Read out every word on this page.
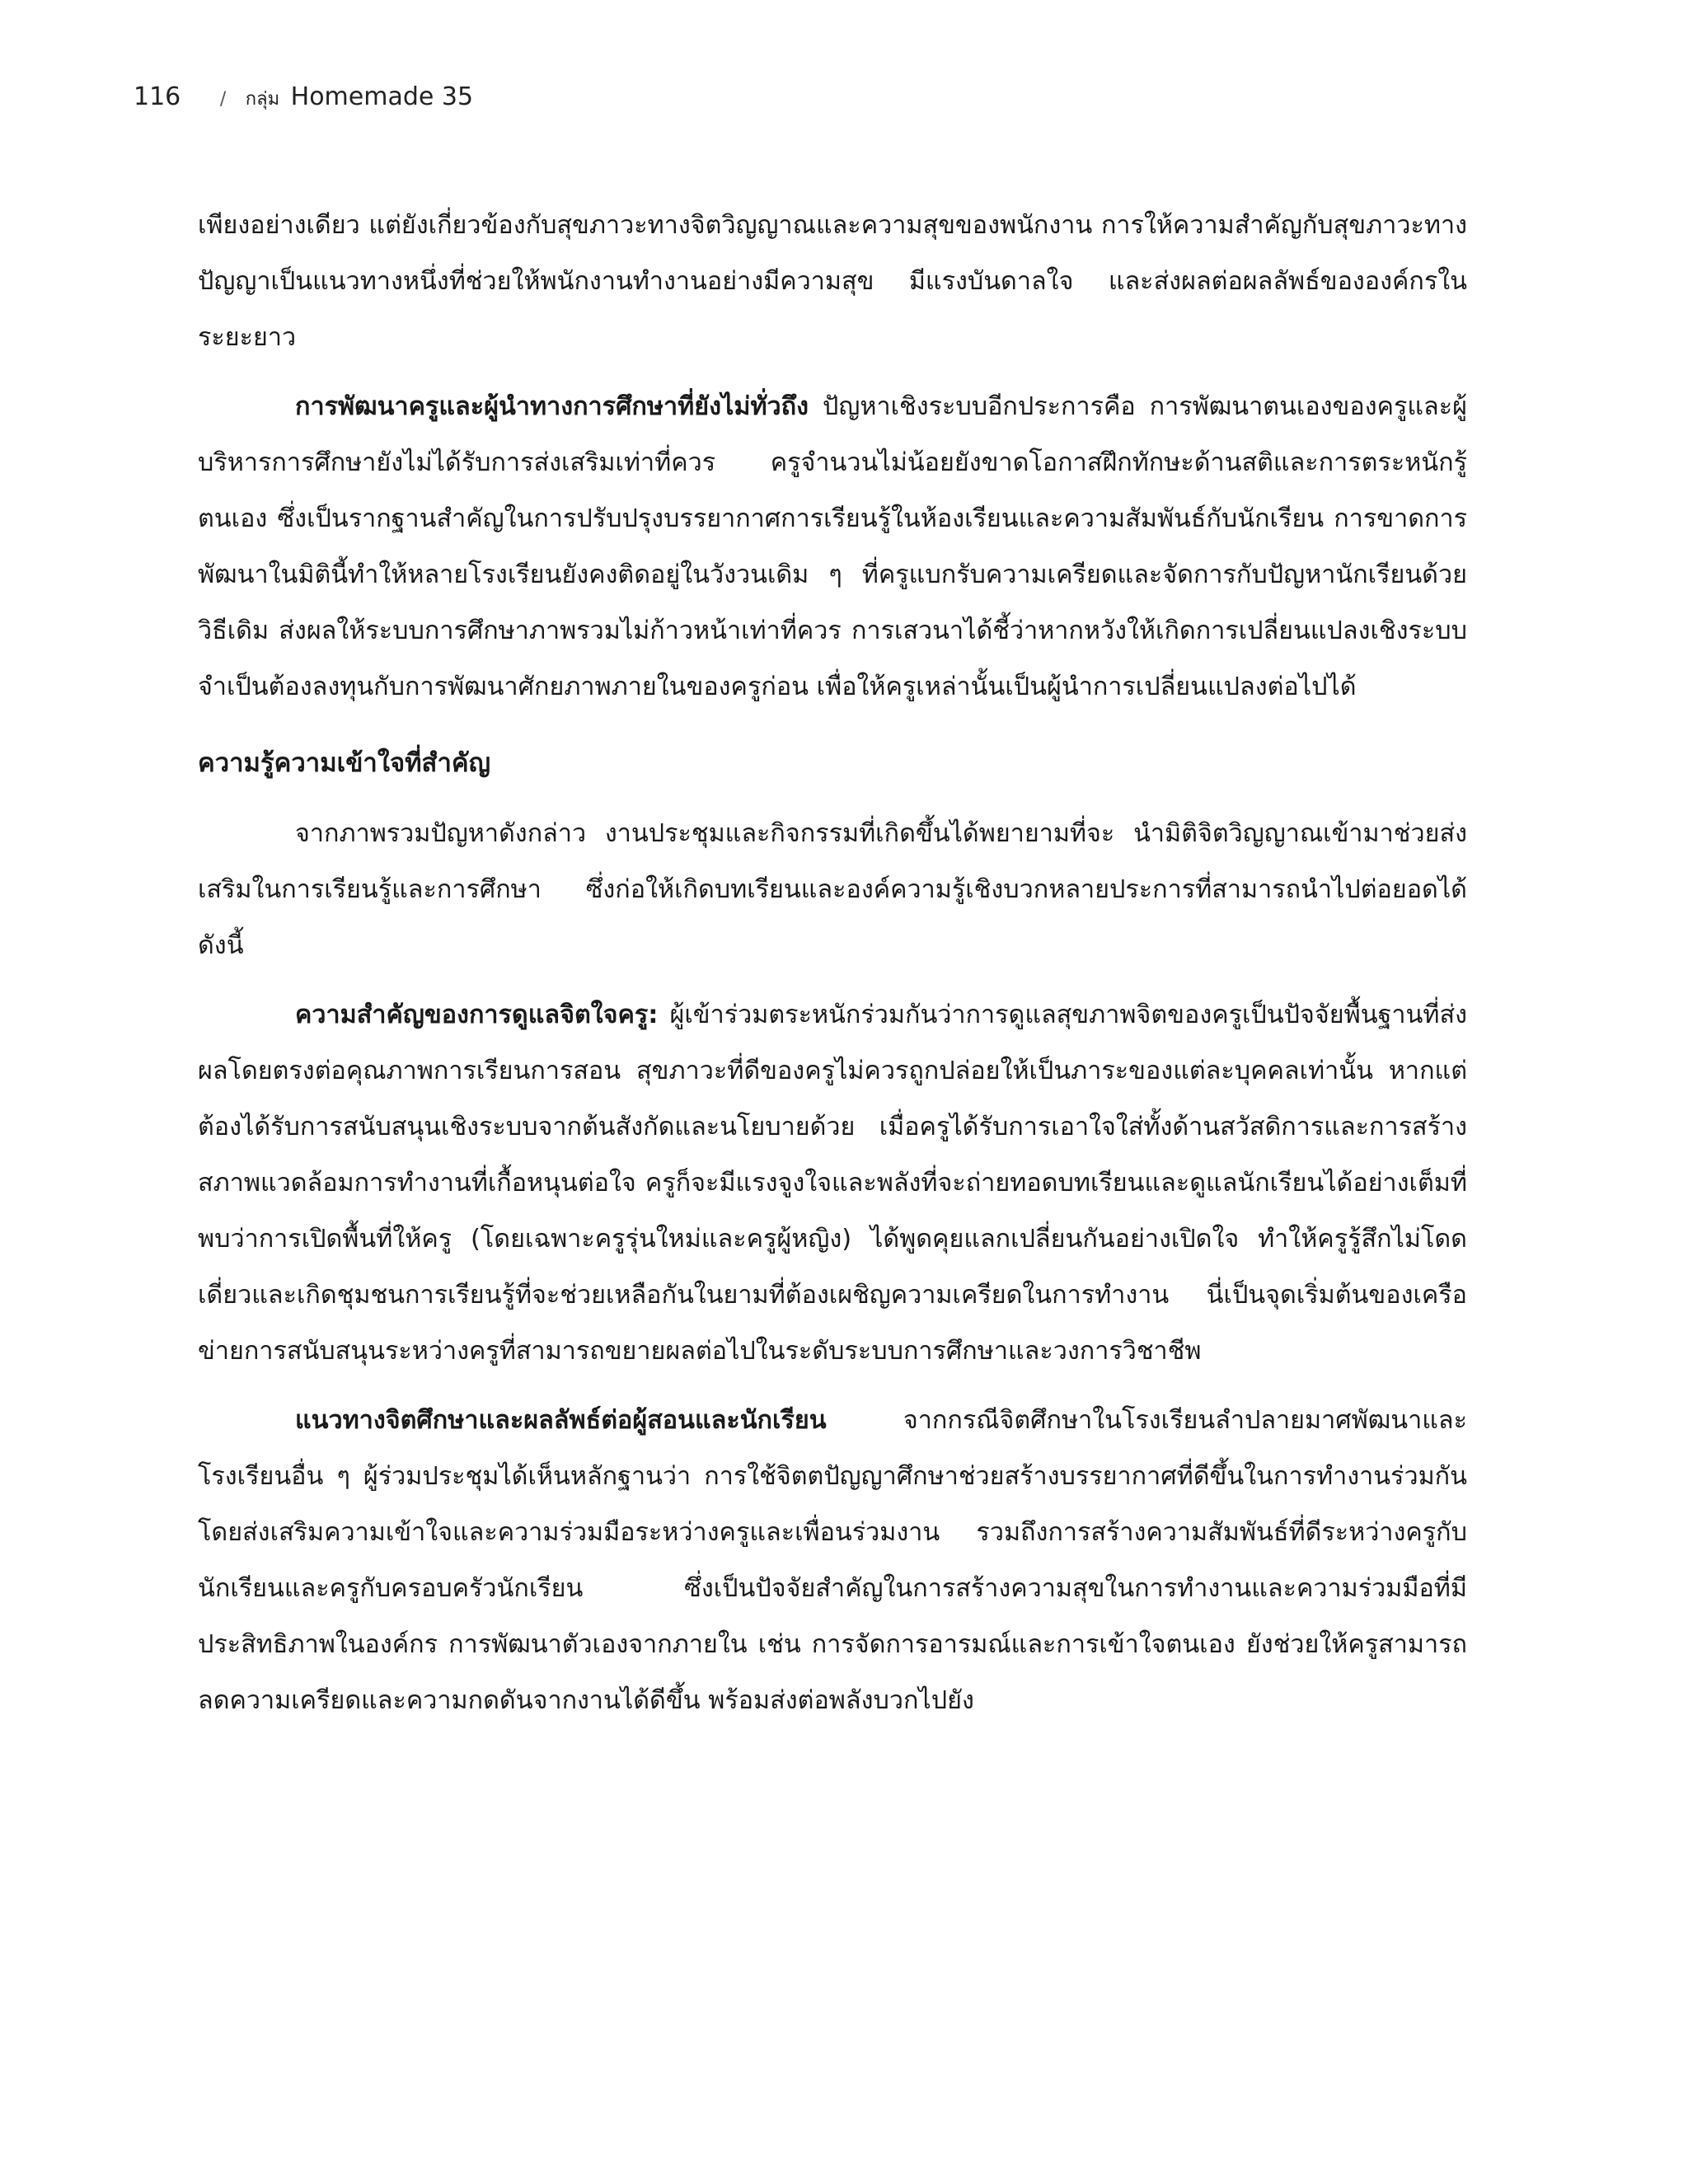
116 / กลุ่ม Homemade 35

เพียงอย่างเดียว แต่ยังเกี่ยวข้องกับสุขภาวะทางจิตวิญญาณและความสุขของพนักงาน การให้ความสำคัญกับสุขภาวะทางปัญญาเป็นแนวทางหนึ่งที่ช่วยให้พนักงานทำงานอย่างมีความสุข มีแรงบันดาลใจ และส่งผลต่อผลลัพธ์ขององค์กรในระยะยาว

การพัฒนาครูและผู้นำทางการศึกษาที่ยังไม่ทั่วถึง ปัญหาเชิงระบบอีกประการคือ การพัฒนาตนเองของครูและผู้บริหารการศึกษายังไม่ได้รับการส่งเสริมเท่าที่ควร ครูจำนวนไม่น้อยยังขาดโอกาสฝึกทักษะด้านสติและการตระหนักรู้ตนเอง ซึ่งเป็นรากฐานสำคัญในการปรับปรุงบรรยากาศการเรียนรู้ในห้องเรียนและความสัมพันธ์กับนักเรียน การขาดการพัฒนาในมิตินี้ทำให้หลายโรงเรียนยังคงติดอยู่ในวังวนเดิม ๆ ที่ครูแบกรับความเครียดและจัดการกับปัญหานักเรียนด้วยวิธีเดิม ส่งผลให้ระบบการศึกษาภาพรวมไม่ก้าวหน้าเท่าที่ควร การเสวนาได้ชี้ว่าหากหวังให้เกิดการเปลี่ยนแปลงเชิงระบบ จำเป็นต้องลงทุนกับการพัฒนาศักยภาพภายในของครูก่อน เพื่อให้ครูเหล่านั้นเป็นผู้นำการเปลี่ยนแปลงต่อไปได้

ความรู้ความเข้าใจที่สำคัญ

จากภาพรวมปัญหาดังกล่าว งานประชุมและกิจกรรมที่เกิดขึ้นได้พยายามที่จะ นำมิติจิตวิญญาณเข้ามาช่วยส่งเสริมในการเรียนรู้และการศึกษา ซึ่งก่อให้เกิดบทเรียนและองค์ความรู้เชิงบวกหลายประการที่สามารถนำไปต่อยอดได้ดังนี้

ความสำคัญของการดูแลจิตใจครู: ผู้เข้าร่วมตระหนักร่วมกันว่าการดูแลสุขภาพจิตของครูเป็นปัจจัยพื้นฐานที่ส่งผลโดยตรงต่อคุณภาพการเรียนการสอน สุขภาวะที่ดีของครูไม่ควรถูกปล่อยให้เป็นภาระของแต่ละบุคคลเท่านั้น หากแต่ต้องได้รับการสนับสนุนเชิงระบบจากต้นสังกัดและนโยบายด้วย เมื่อครูได้รับการเอาใจใส่ทั้งด้านสวัสดิการและการสร้างสภาพแวดล้อมการทำงานที่เกื้อหนุนต่อใจ ครูก็จะมีแรงจูงใจและพลังที่จะถ่ายทอดบทเรียนและดูแลนักเรียนได้อย่างเต็มที่ พบว่าการเปิดพื้นที่ให้ครู (โดยเฉพาะครูรุ่นใหม่และครูผู้หญิง) ได้พูดคุยแลกเปลี่ยนกันอย่างเปิดใจ ทำให้ครูรู้สึกไม่โดดเดี่ยวและเกิดชุมชนการเรียนรู้ที่จะช่วยเหลือกันในยามที่ต้องเผชิญความเครียดในการทำงาน นี่เป็นจุดเริ่มต้นของเครือข่ายการสนับสนุนระหว่างครูที่สามารถขยายผลต่อไปในระดับระบบการศึกษาและวงการวิชาชีพ

แนวทางจิตศึกษาและผลลัพธ์ต่อผู้สอนและนักเรียน จากกรณีจิตศึกษาในโรงเรียนลำปลายมาศพัฒนาและโรงเรียนอื่น ๆ ผู้ร่วมประชุมได้เห็นหลักฐานว่า การใช้จิตตปัญญาศึกษาช่วยสร้างบรรยากาศที่ดีขึ้นในการทำงานร่วมกัน โดยส่งเสริมความเข้าใจและความร่วมมือระหว่างครูและเพื่อนร่วมงาน รวมถึงการสร้างความสัมพันธ์ที่ดีระหว่างครูกับนักเรียนและครูกับครอบครัวนักเรียน ซึ่งเป็นปัจจัยสำคัญในการสร้างความสุขในการทำงานและความร่วมมือที่มีประสิทธิภาพในองค์กร การพัฒนาตัวเองจากภายใน เช่น การจัดการอารมณ์และการเข้าใจตนเอง ยังช่วยให้ครูสามารถลดความเครียดและความกดดันจากงานได้ดีขึ้น พร้อมส่งต่อพลังบวกไปยัง
